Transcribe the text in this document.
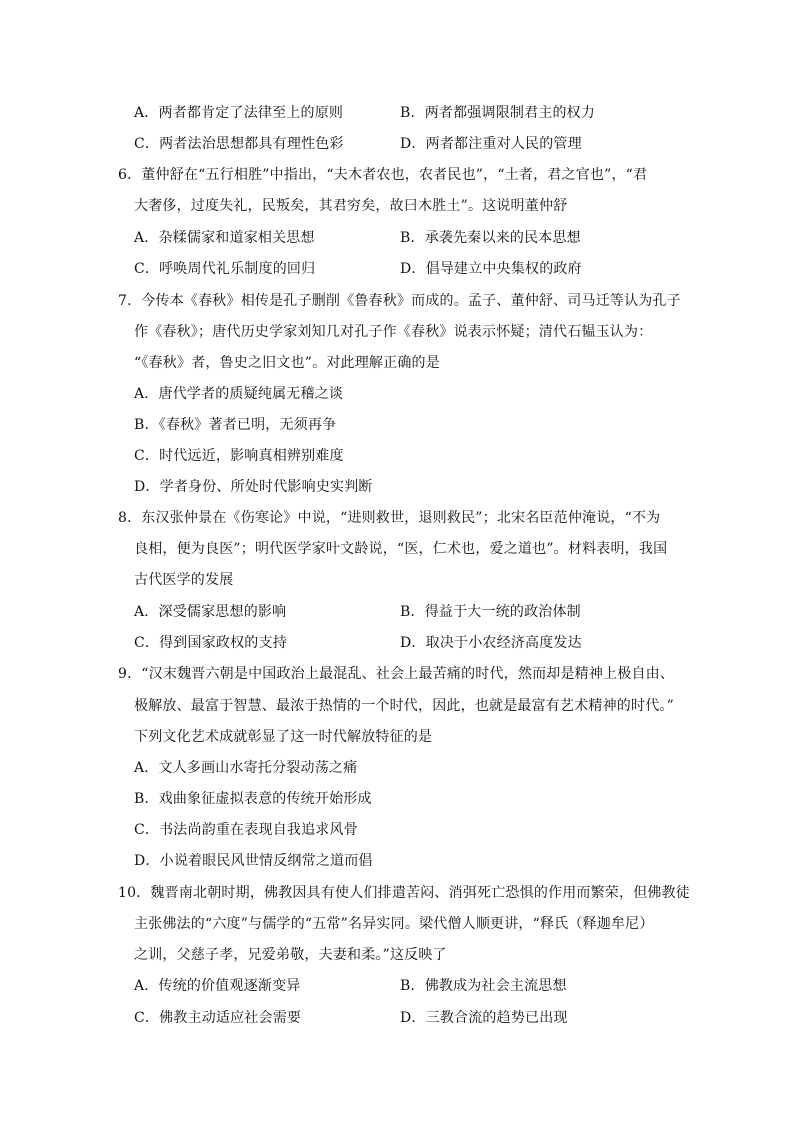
A．两者都肯定了法律至上的原则	B．两者都强调限制君主的权力
C．两者法治思想都具有理性色彩	D．两者都注重对人民的管理
6．董仲舒在“五行相胜”中指出，“夫木者农也，农者民也”，“土者，君之官也”，“君
大奢侈，过度失礼，民叛矣，其君穷矣，故曰木胜土”。这说明董仲舒
A．杂糅儒家和道家相关思想	B．承袭先秦以来的民本思想
C．呼唤周代礼乐制度的回归	D．倡导建立中央集权的政府
7．今传本《春秋》相传是孔子删削《鲁春秋》而成的。孟子、董仲舒、司马迁等认为孔子
作《春秋》；唐代历史学家刘知几对孔子作《春秋》说表示怀疑；清代石韫玉认为：
“《春秋》者，鲁史之旧文也”。对此理解正确的是
A．唐代学者的质疑纯属无稽之谈
B．《春秋》著者已明，无须再争
C．时代远近，影响真相辨别难度
D．学者身份、所处时代影响史实判断
8．东汉张仲景在《伤寒论》中说，“进则救世，退则救民”；北宋名臣范仲淹说，“不为
良相，便为良医”；明代医学家叶文龄说，“医，仁术也，爱之道也”。材料表明，我国
古代医学的发展
A．深受儒家思想的影响	B．得益于大一统的政治体制
C．得到国家政权的支持	D．取决于小农经济高度发达
9．“汉末魏晋六朝是中国政治上最混乱、社会上最苦痛的时代，然而却是精神上极自由、
极解放、最富于智慧、最浓于热情的一个时代，因此，也就是最富有艺术精神的时代。”
下列文化艺术成就彰显了这一时代解放特征的是
A．文人多画山水寄托分裂动荡之痛
B．戏曲象征虚拟表意的传统开始形成
C．书法尚韵重在表现自我追求风骨
D．小说着眼民风世情反纲常之道而倡
10．魏晋南北朝时期，佛教因具有使人们排遣苦闷、消弭死亡恐惧的作用而繁荣，但佛教徒
主张佛法的“六度”与儒学的“五常”名异实同。梁代僧人顺更讲，“释氏（释迦牟尼）
之训，父慈子孝，兄爱弟敬，夫妻和柔。”这反映了
A．传统的价值观逐渐变异	B．佛教成为社会主流思想
C．佛教主动适应社会需要	D．三教合流的趋势已出现
